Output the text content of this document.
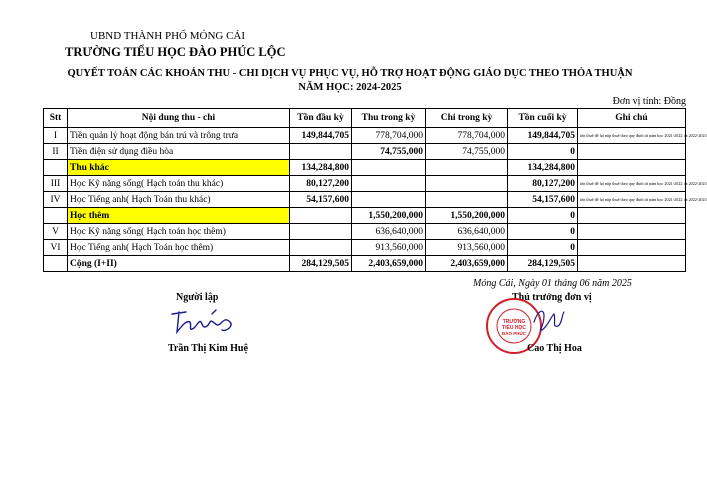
UBND THÀNH PHỐ MÓNG CÁI
TRƯỜNG TIỂU HỌC ĐÀO PHÚC LỘC
QUYẾT TOÁN CÁC KHOẢN THU - CHI DỊCH VỤ PHỤC VỤ, HỖ TRỢ HOẠT ĐỘNG GIÁO DỤC THEO THỎA THUẬN
NĂM HỌC: 2024-2025
Đơn vị tính: Đồng
Stt	Nội dung thu - chi	Tồn đầu kỳ	Thu trong kỳ	Chi trong kỳ	Tồn cuối kỳ	Ghi chú
I	Tiền quản lý hoạt động bán trú và trông trưa	149,844,705	778,704,000	778,704,000	149,844,705	tồn thuế để lại nộp thuế theo quy định từ năm học 2021-2022 và 2022-2023
II	Tiền điện sử dụng điều hòa		74,755,000	74,755,000	0	
	Thu khác	134,284,800			134,284,800	
III	Học Kỹ năng sống( Hạch toán thu khác)	80,127,200			80,127,200	tồn thuế để lại nộp thuế theo quy định từ năm học 2021-2022 và 2022-2023
IV	Học Tiếng anh( Hạch Toán thu khác)	54,157,600			54,157,600	tồn thuế để lại nộp thuế theo quy định từ năm học 2021-2022 và 2022-2023
	Học thêm		1,550,200,000	1,550,200,000	0	
V	Học Kỹ năng sống( Hạch toán học thêm)		636,640,000	636,640,000	0	
VI	Học Tiếng anh( Hạch Toán học thêm)		913,560,000	913,560,000	0	
	Cộng (I+II)	284,129,505	2,403,659,000	2,403,659,000	284,129,505	
Móng Cái, Ngày 01 tháng 06 năm 2025
Người lập	Thủ trưởng đơn vị
TRƯỜNG
TIỂU HỌC
ĐÀO PHÚC
Trần Thị Kim Huệ	Cao Thị Hoa
